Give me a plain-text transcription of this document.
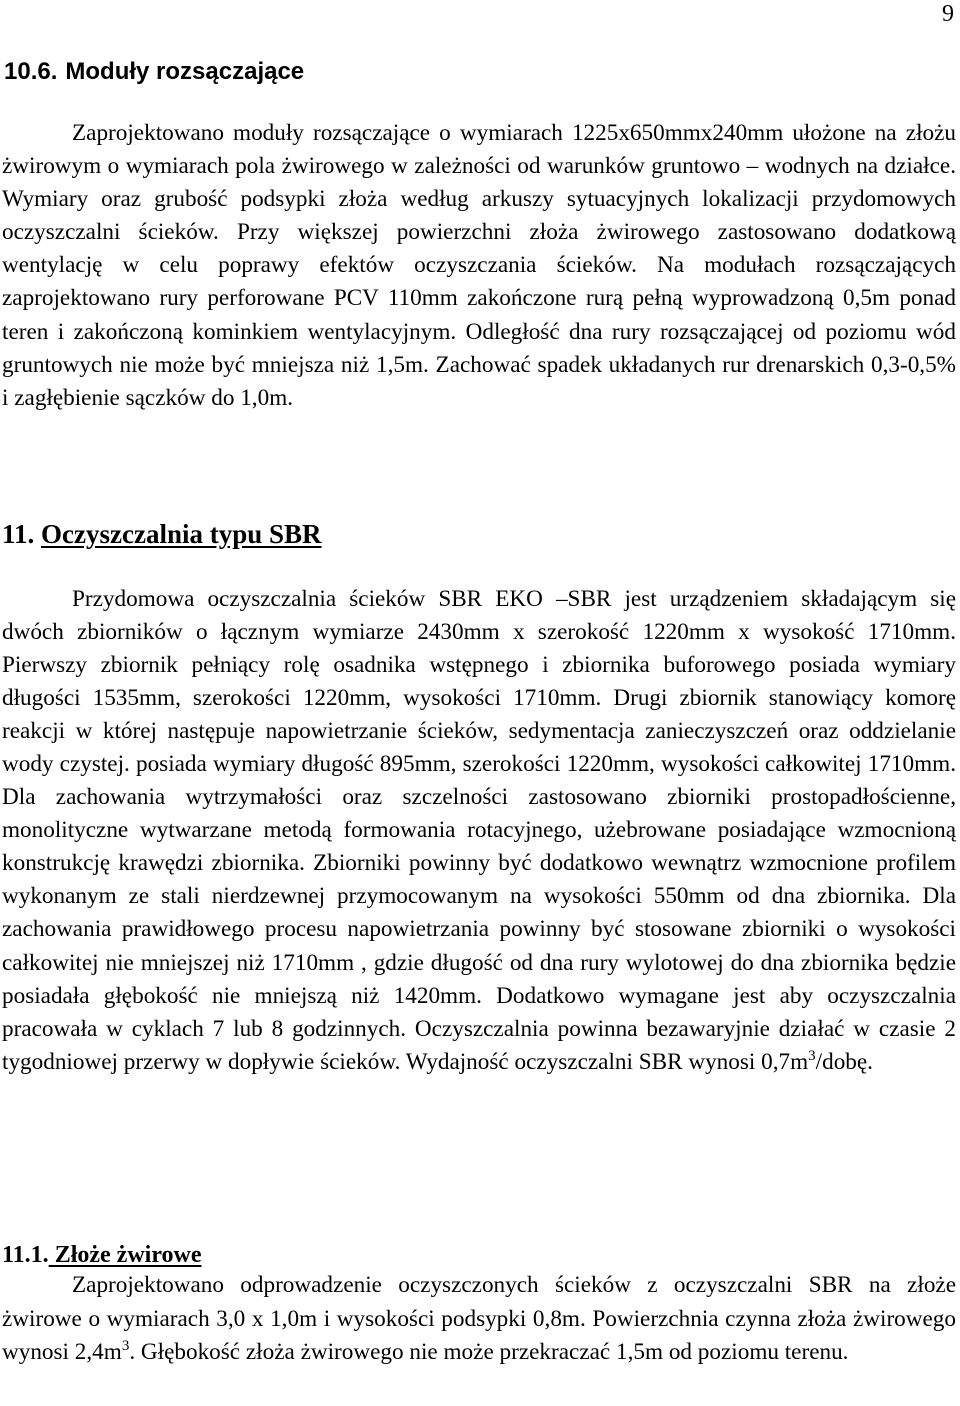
9
10.6. Moduły rozsączające

Zaprojektowano moduły rozsączające o wymiarach 1225x650mmx240mm ułożone na złożu żwirowym o wymiarach pola żwirowego w zależności od warunków gruntowo – wodnych na działce. Wymiary oraz grubość podsypki złoża według arkuszy sytuacyjnych lokalizacji przydomowych oczyszczalni ścieków. Przy większej powierzchni złoża żwirowego zastosowano dodatkową wentylację w celu poprawy efektów oczyszczania ścieków. Na modułach rozsączających zaprojektowano rury perforowane PCV 110mm zakończone rurą pełną wyprowadzoną 0,5m ponad teren i zakończoną kominkiem wentylacyjnym. Odległość dna rury rozsączającej od poziomu wód gruntowych nie może być mniejsza niż 1,5m. Zachować spadek układanych rur drenarskich 0,3-0,5% i zagłębienie sączków do 1,0m.

11. Oczyszczalnia typu SBR

Przydomowa oczyszczalnia ścieków SBR EKO –SBR jest urządzeniem składającym się dwóch zbiorników o łącznym wymiarze 2430mm x szerokość 1220mm x wysokość 1710mm. Pierwszy zbiornik pełniący rolę osadnika wstępnego i zbiornika buforowego posiada wymiary długości 1535mm, szerokości 1220mm, wysokości 1710mm. Drugi zbiornik stanowiący komorę reakcji w której następuje napowietrzanie ścieków, sedymentacja zanieczyszczeń oraz oddzielanie wody czystej. posiada wymiary długość 895mm, szerokości 1220mm, wysokości całkowitej 1710mm. Dla zachowania wytrzymałości oraz szczelności zastosowano zbiorniki prostopadłościenne, monolityczne wytwarzane metodą formowania rotacyjnego, użebrowane posiadające wzmocnioną konstrukcję krawędzi zbiornika. Zbiorniki powinny być dodatkowo wewnątrz wzmocnione profilem wykonanym ze stali nierdzewnej przymocowanym na wysokości 550mm od dna zbiornika. Dla zachowania prawidłowego procesu napowietrzania powinny być stosowane zbiorniki o wysokości całkowitej nie mniejszej niż 1710mm , gdzie długość od dna rury wylotowej do dna zbiornika będzie posiadała głębokość nie mniejszą niż 1420mm. Dodatkowo wymagane jest aby oczyszczalnia pracowała w cyklach 7 lub 8 godzinnych. Oczyszczalnia powinna bezawaryjnie działać w czasie 2 tygodniowej przerwy w dopływie ścieków. Wydajność oczyszczalni SBR wynosi $0,7m^3$/dobę.

11.1. Złoże żwirowe

Zaprojektowano odprowadzenie oczyszczonych ścieków z oczyszczalni SBR na złoże żwirowe o wymiarach 3,0 x 1,0m i wysokości podsypki 0,8m. Powierzchnia czynna złoża żwirowego wynosi $2,4m^3$. Głębokość złoża żwirowego nie może przekraczać 1,5m od poziomu terenu.
